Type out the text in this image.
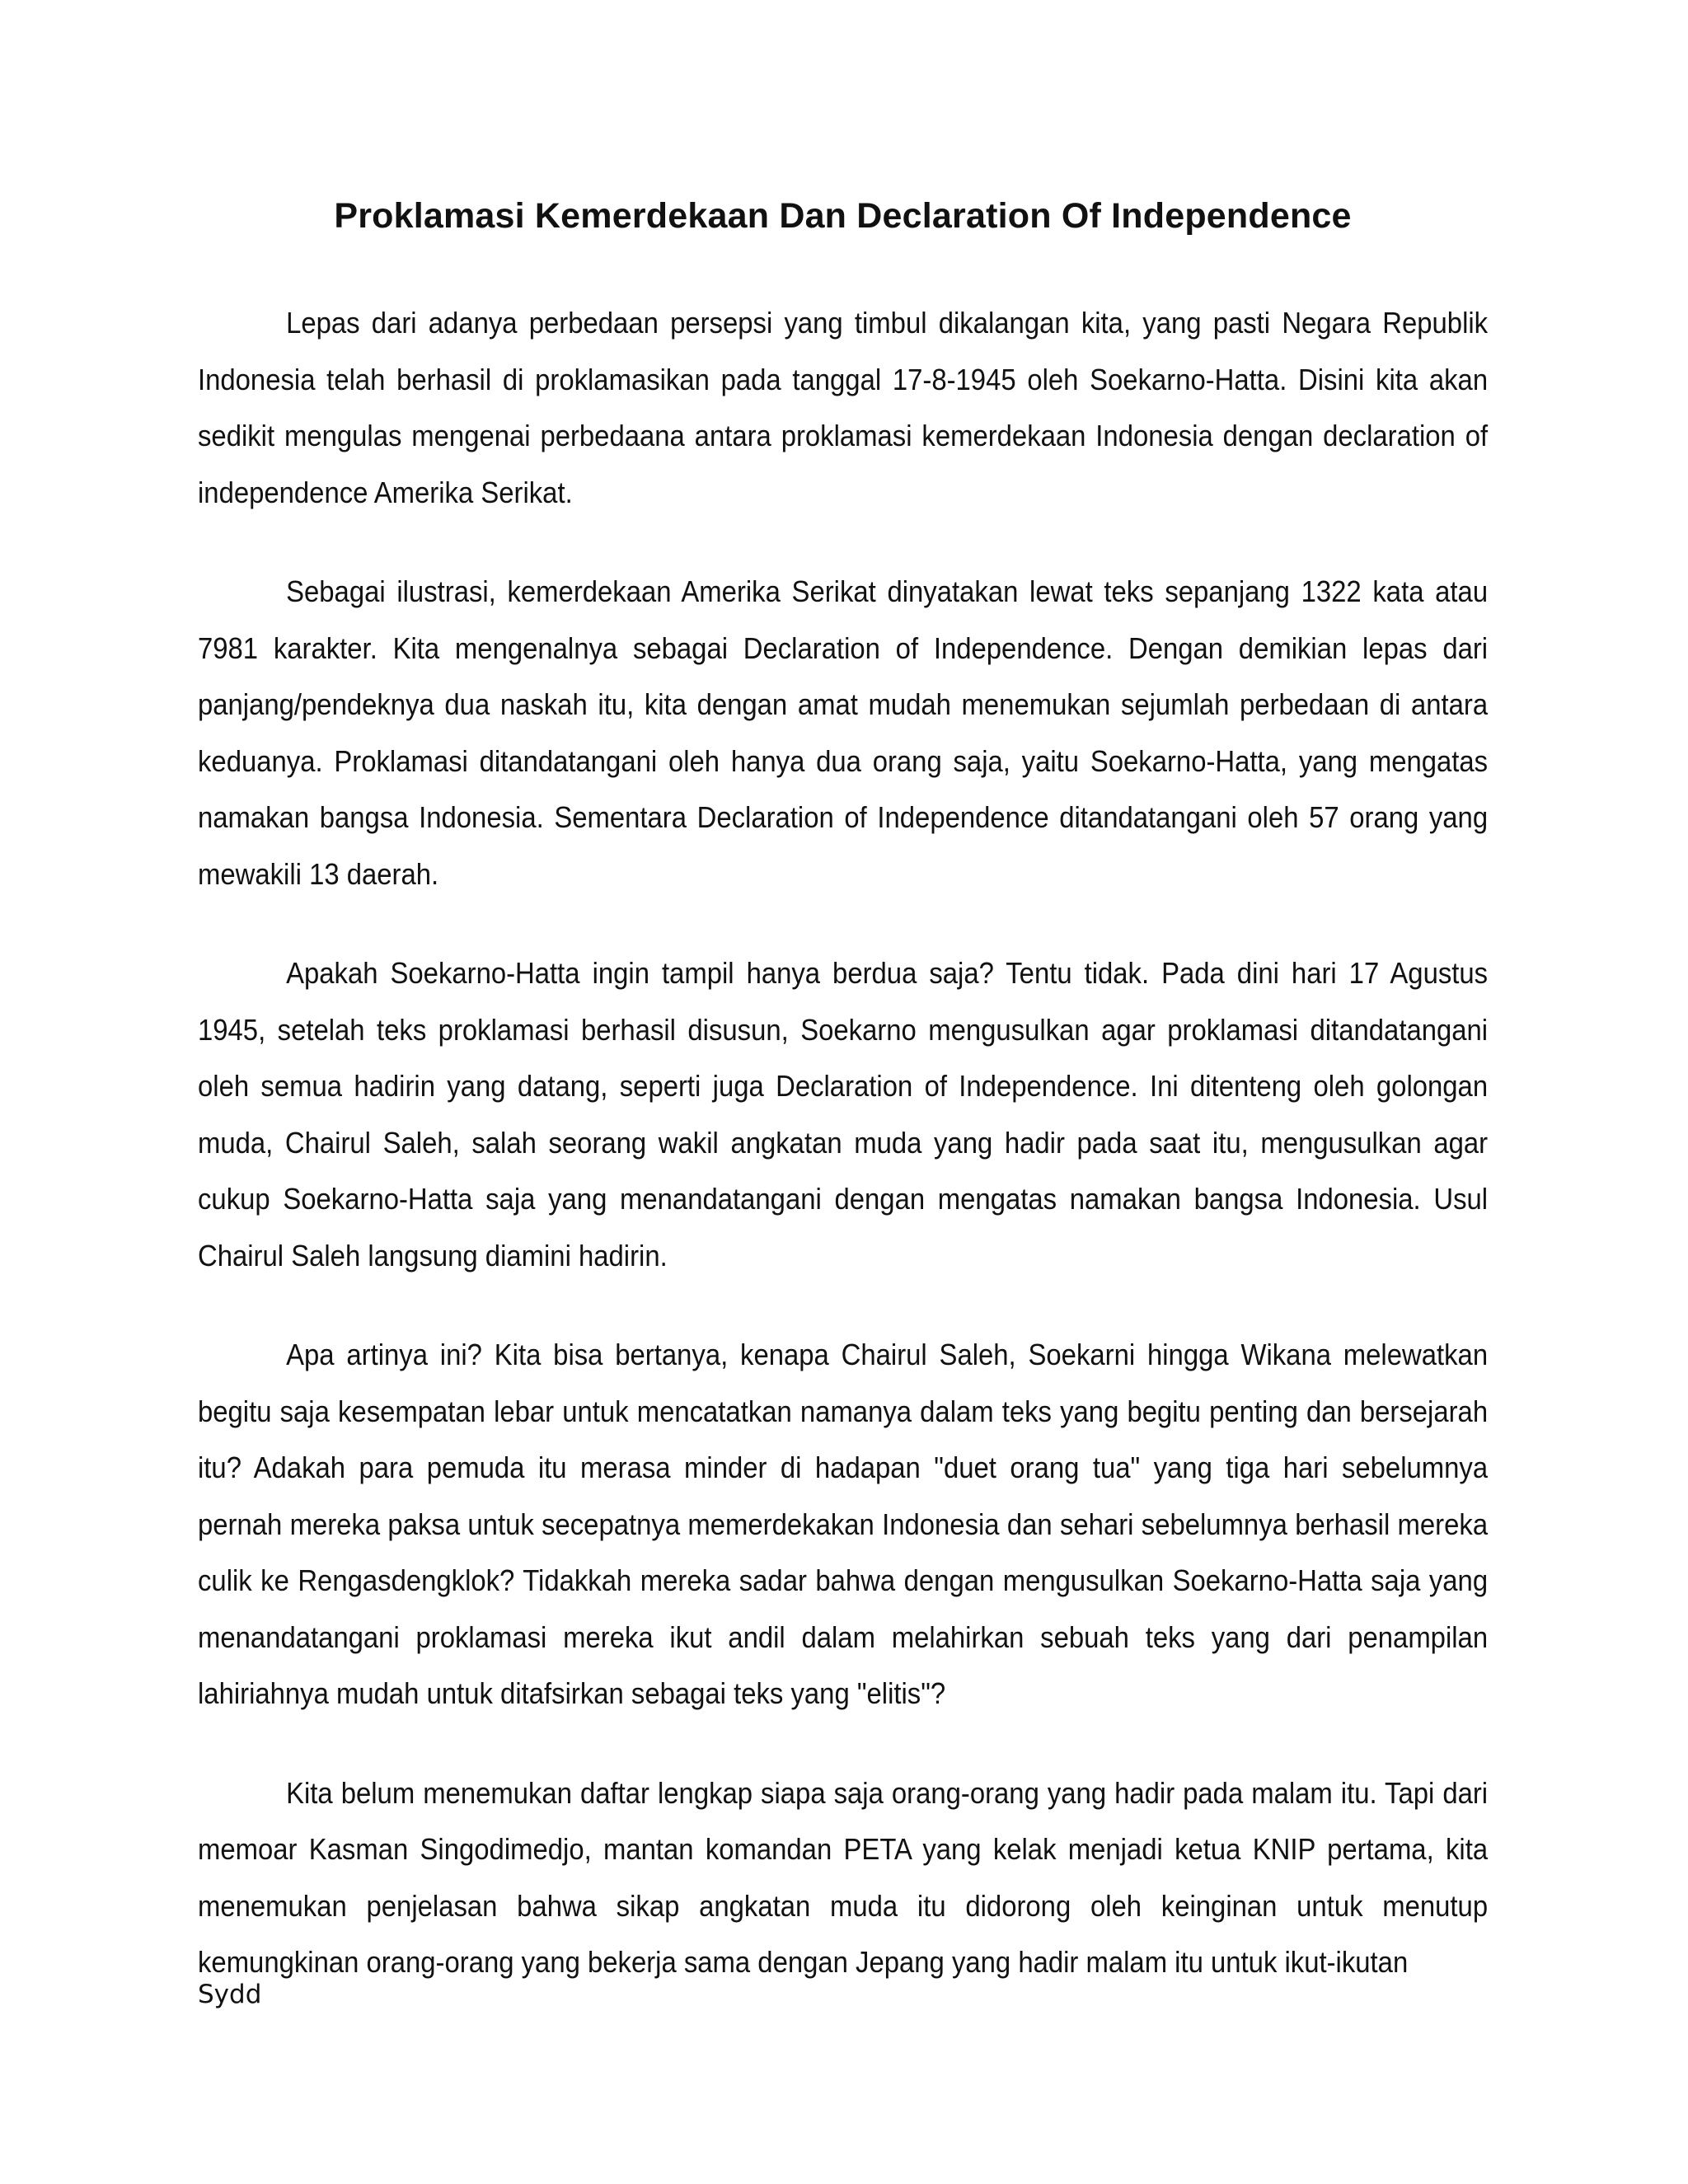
Proklamasi Kemerdekaan Dan Declaration Of Independence

Lepas dari adanya perbedaan persepsi yang timbul dikalangan kita, yang pasti Negara Republik Indonesia telah berhasil di proklamasikan pada tanggal 17-8-1945 oleh Soekarno-Hatta. Disini kita akan sedikit mengulas mengenai perbedaana antara proklamasi kemerdekaan Indonesia dengan declaration of independence Amerika Serikat.

Sebagai ilustrasi, kemerdekaan Amerika Serikat dinyatakan lewat teks sepanjang 1322 kata atau 7981 karakter. Kita mengenalnya sebagai Declaration of Independence. Dengan demikian lepas dari panjang/pendeknya dua naskah itu, kita dengan amat mudah menemukan sejumlah perbedaan di antara keduanya. Proklamasi ditandatangani oleh hanya dua orang saja, yaitu Soekarno-Hatta, yang mengatas namakan bangsa Indonesia. Sementara Declaration of Independence ditandatangani oleh 57 orang yang mewakili 13 daerah.

Apakah Soekarno-Hatta ingin tampil hanya berdua saja? Tentu tidak. Pada dini hari 17 Agustus 1945, setelah teks proklamasi berhasil disusun, Soekarno mengusulkan agar proklamasi ditandatangani oleh semua hadirin yang datang, seperti juga Declaration of Independence. Ini ditenteng oleh golongan muda, Chairul Saleh, salah seorang wakil angkatan muda yang hadir pada saat itu, mengusulkan agar cukup Soekarno-Hatta saja yang menandatangani dengan mengatas namakan bangsa Indonesia. Usul Chairul Saleh langsung diamini hadirin.

Apa artinya ini? Kita bisa bertanya, kenapa Chairul Saleh, Soekarni hingga Wikana melewatkan begitu saja kesempatan lebar untuk mencatatkan namanya dalam teks yang begitu penting dan bersejarah itu? Adakah para pemuda itu merasa minder di hadapan "duet orang tua" yang tiga hari sebelumnya pernah mereka paksa untuk secepatnya memerdekakan Indonesia dan sehari sebelumnya berhasil mereka culik ke Rengasdengklok? Tidakkah mereka sadar bahwa dengan mengusulkan Soekarno-Hatta saja yang menandatangani proklamasi mereka ikut andil dalam melahirkan sebuah teks yang dari penampilan lahiriahnya mudah untuk ditafsirkan sebagai teks yang "elitis"?

Kita belum menemukan daftar lengkap siapa saja orang-orang yang hadir pada malam itu. Tapi dari memoar Kasman Singodimedjo, mantan komandan PETA yang kelak menjadi ketua KNIP pertama, kita menemukan penjelasan bahwa sikap angkatan muda itu didorong oleh keinginan untuk menutup kemungkinan orang-orang yang bekerja sama dengan Jepang yang hadir malam itu untuk ikut-ikutan

Sydd
